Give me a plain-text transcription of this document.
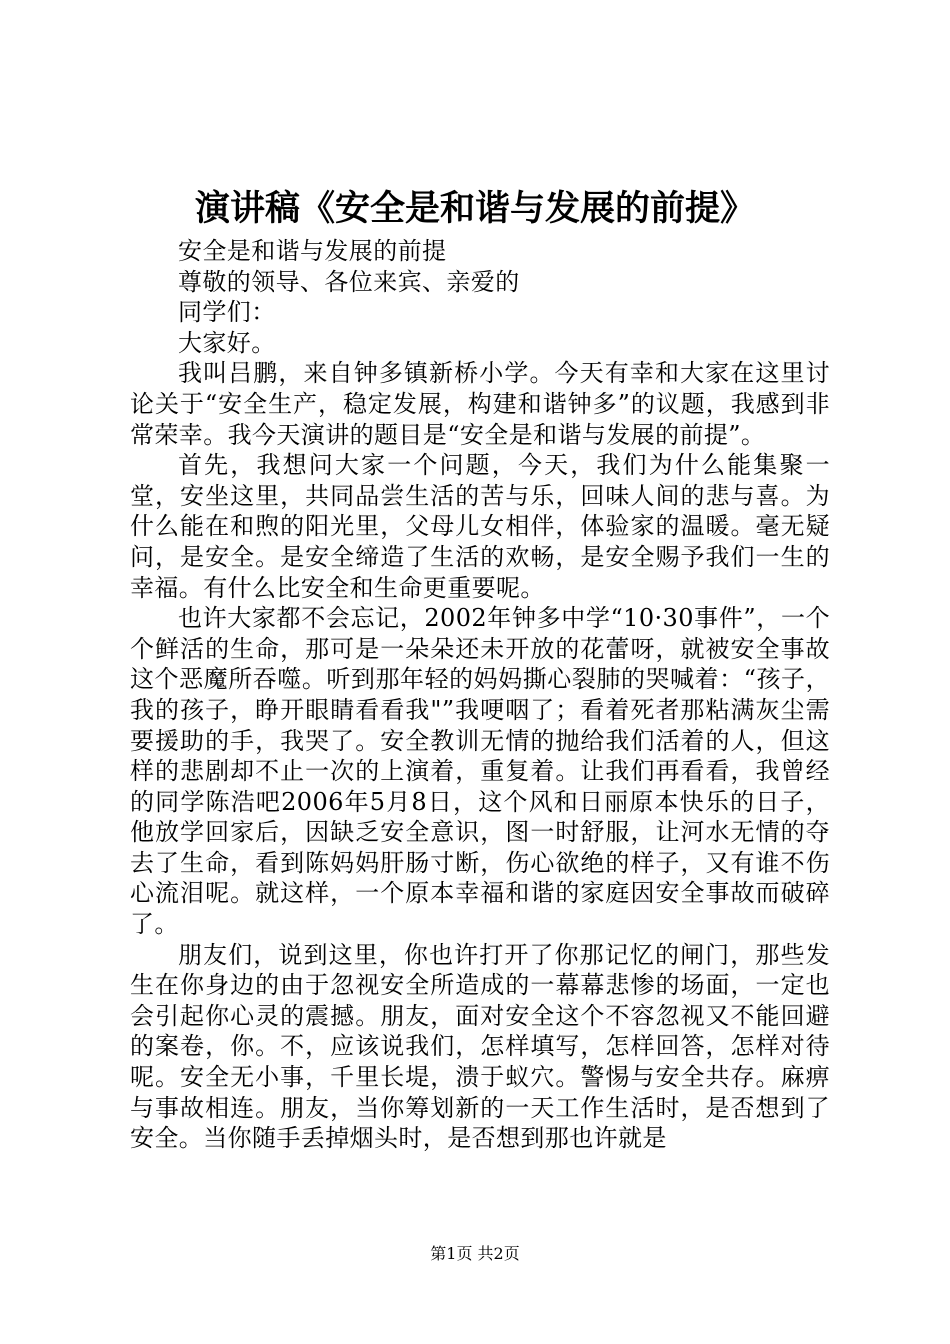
演讲稿《安全是和谐与发展的前提》

安全是和谐与发展的前提

尊敬的领导、各位来宾、亲爱的

同学们：

大家好。

我叫吕鹏，来自钟多镇新桥小学。今天有幸和大家在这里讨论关于“安全生产，稳定发展，构建和谐钟多”的议题，我感到非常荣幸。我今天演讲的题目是“安全是和谐与发展的前提”。

首先，我想问大家一个问题，今天，我们为什么能集聚一堂，安坐这里，共同品尝生活的苦与乐，回味人间的悲与喜。为什么能在和煦的阳光里，父母儿女相伴，体验家的温暖。毫无疑问，是安全。是安全缔造了生活的欢畅，是安全赐予我们一生的幸福。有什么比安全和生命更重要呢。

也许大家都不会忘记，2002年钟多中学“10·30事件”，一个个鲜活的生命，那可是一朵朵还未开放的花蕾呀，就被安全事故这个恶魔所吞噬。听到那年轻的妈妈撕心裂肺的哭喊着：“孩子，我的孩子，睁开眼睛看看我"”我哽咽了；看着死者那粘满灰尘需要援助的手，我哭了。安全教训无情的抛给我们活着的人，但这样的悲剧却不止一次的上演着，重复着。让我们再看看，我曾经的同学陈浩吧2006年5月8日，这个风和日丽原本快乐的日子，他放学回家后，因缺乏安全意识，图一时舒服，让河水无情的夺去了生命，看到陈妈妈肝肠寸断，伤心欲绝的样子，又有谁不伤心流泪呢。就这样，一个原本幸福和谐的家庭因安全事故而破碎了。

朋友们，说到这里，你也许打开了你那记忆的闸门，那些发生在你身边的由于忽视安全所造成的一幕幕悲惨的场面，一定也会引起你心灵的震撼。朋友，面对安全这个不容忽视又不能回避的案卷，你。不，应该说我们，怎样填写，怎样回答，怎样对待呢。安全无小事，千里长堤，溃于蚁穴。警惕与安全共存。麻痹与事故相连。朋友，当你筹划新的一天工作生活时，是否想到了安全。当你随手丢掉烟头时，是否想到那也许就是

第1页 共2页
